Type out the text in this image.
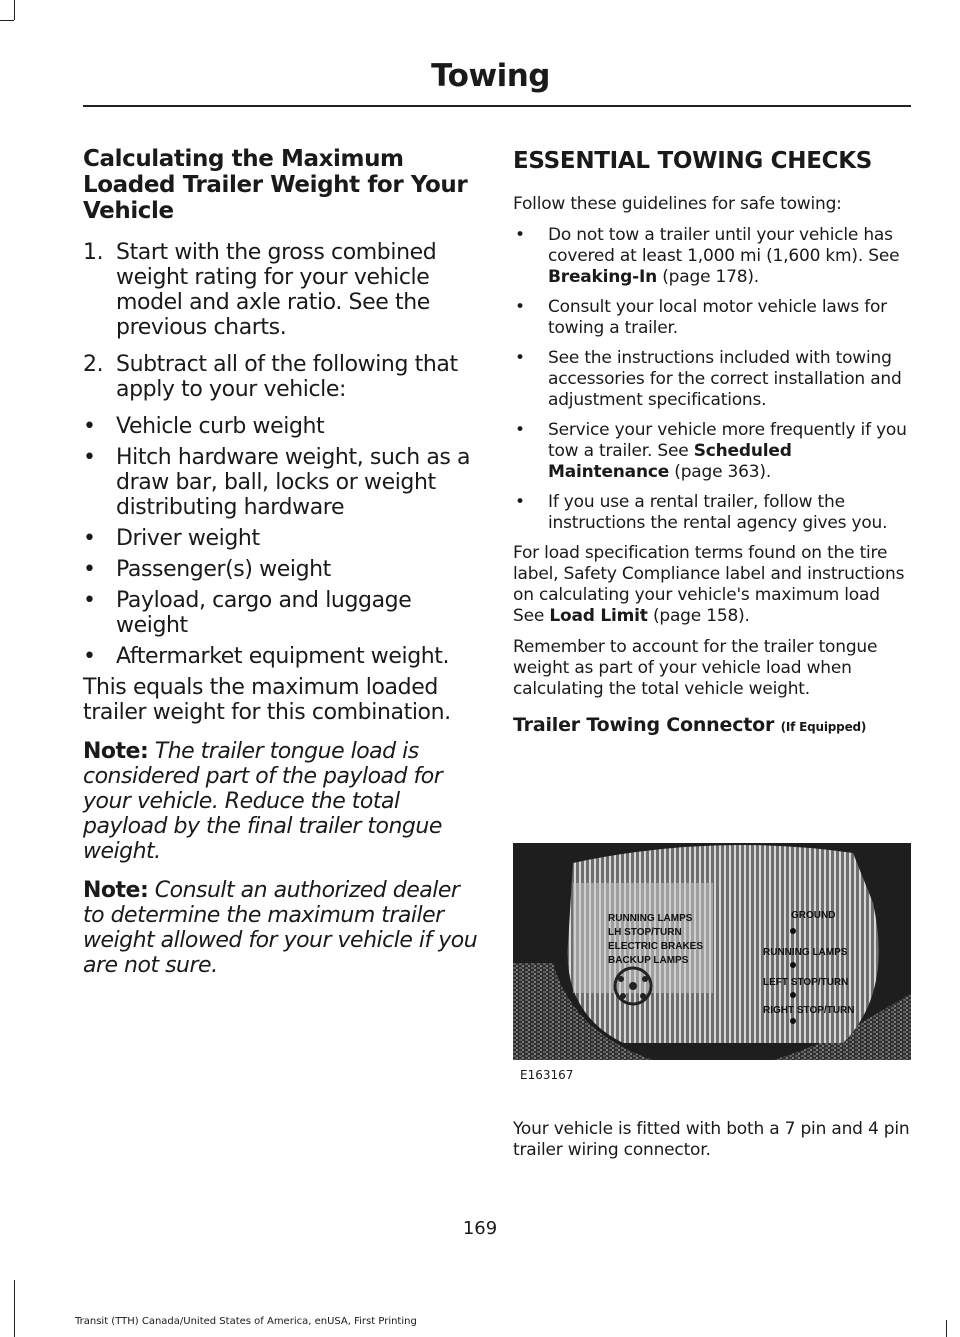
Towing
Calculating the Maximum Loaded Trailer Weight for Your Vehicle
1. Start with the gross combined weight rating for your vehicle model and axle ratio. See the previous charts.
2. Subtract all of the following that apply to your vehicle:
• Vehicle curb weight
• Hitch hardware weight, such as a draw bar, ball, locks or weight distributing hardware
• Driver weight
• Passenger(s) weight
• Payload, cargo and luggage weight
• Aftermarket equipment weight.

This equals the maximum loaded trailer weight for this combination.

Note: The trailer tongue load is considered part of the payload for your vehicle. Reduce the total payload by the final trailer tongue weight.

Note: Consult an authorized dealer to determine the maximum trailer weight allowed for your vehicle if you are not sure.

ESSENTIAL TOWING CHECKS

Follow these guidelines for safe towing:

• Do not tow a trailer until your vehicle has covered at least 1,000 mi (1,600 km). See Breaking-In (page 178).
• Consult your local motor vehicle laws for towing a trailer.
• See the instructions included with towing accessories for the correct installation and adjustment specifications.
• Service your vehicle more frequently if you tow a trailer. See Scheduled Maintenance (page 363).
• If you use a rental trailer, follow the instructions the rental agency gives you.

For load specification terms found on the tire label, Safety Compliance label and instructions on calculating your vehicle's maximum load See Load Limit (page 158).

Remember to account for the trailer tongue weight as part of your vehicle load when calculating the total vehicle weight.

Trailer Towing Connector (If Equipped)
RUNNING LAMPS
LH STOP/TURN
ELECTRIC BRAKES
BACKUP LAMPS
GROUND
RUNNING LAMPS
LEFT STOP/TURN
RIGHT STOP/TURN
E163167

Your vehicle is fitted with both a 7 pin and 4 pin trailer wiring connector.

169
Transit (TTH) Canada/United States of America, enUSA, First Printing
